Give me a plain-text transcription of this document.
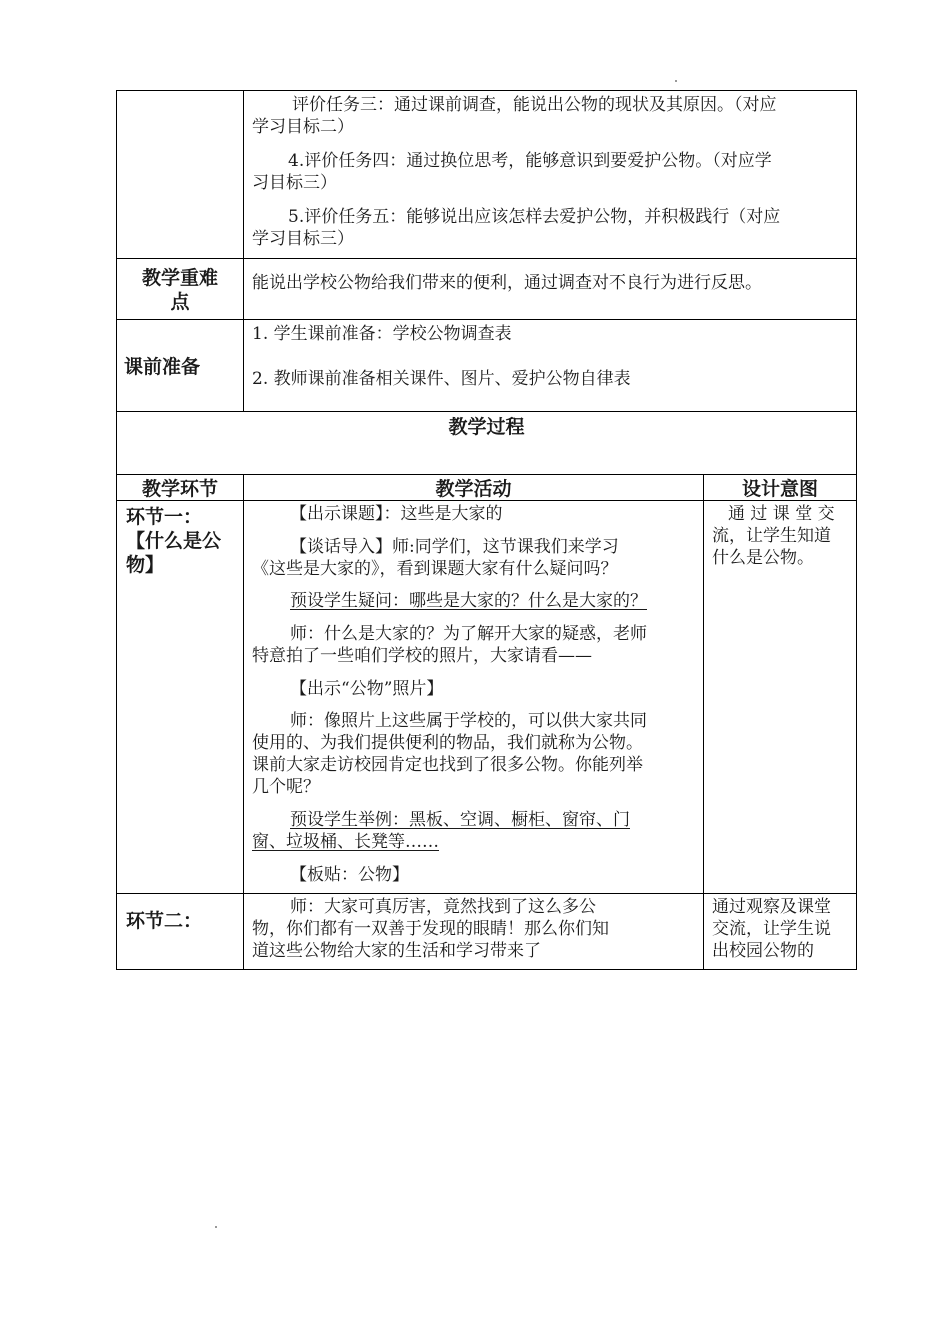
评价任务三：通过课前调查，能说出公物的现状及其原因。（对应
学习目标二）
4.评价任务四：通过换位思考，能够意识到要爱护公物。（对应学
习目标三）
5.评价任务五：能够说出应该怎样去爱护公物，并积极践行（对应
学习目标三）
教学重难
点
能说出学校公物给我们带来的便利，通过调查对不良行为进行反思。
课前准备
1. 学生课前准备：学校公物调查表
2. 教师课前准备相关课件、图片、爱护公物自律表
教学过程
教学环节	教学活动	设计意图
环节一：
【什么是公
物】
【出示课题】：这些是大家的
【谈话导入】师:同学们，这节课我们来学习
《这些是大家的》，看到课题大家有什么疑问吗？
预设学生疑问：哪些是大家的？什么是大家的？
师：什么是大家的？为了解开大家的疑惑，老师
特意拍了一些咱们学校的照片，大家请看——
【出示“公物”照片】
师：像照片上这些属于学校的，可以供大家共同
使用的、为我们提供便利的物品，我们就称为公物。
课前大家走访校园肯定也找到了很多公物。你能列举
几个呢？
预设学生举例：黑板、空调、橱柜、窗帘、门
窗、垃圾桶、长凳等……
【板贴：公物】
通 过 课 堂 交
流，让学生知道
什么是公物。
环节二：
师：大家可真厉害，竟然找到了这么多公
物，你们都有一双善于发现的眼睛！那么你们知
道这些公物给大家的生活和学习带来了
通过观察及课堂
交流，让学生说
出校园公物的
